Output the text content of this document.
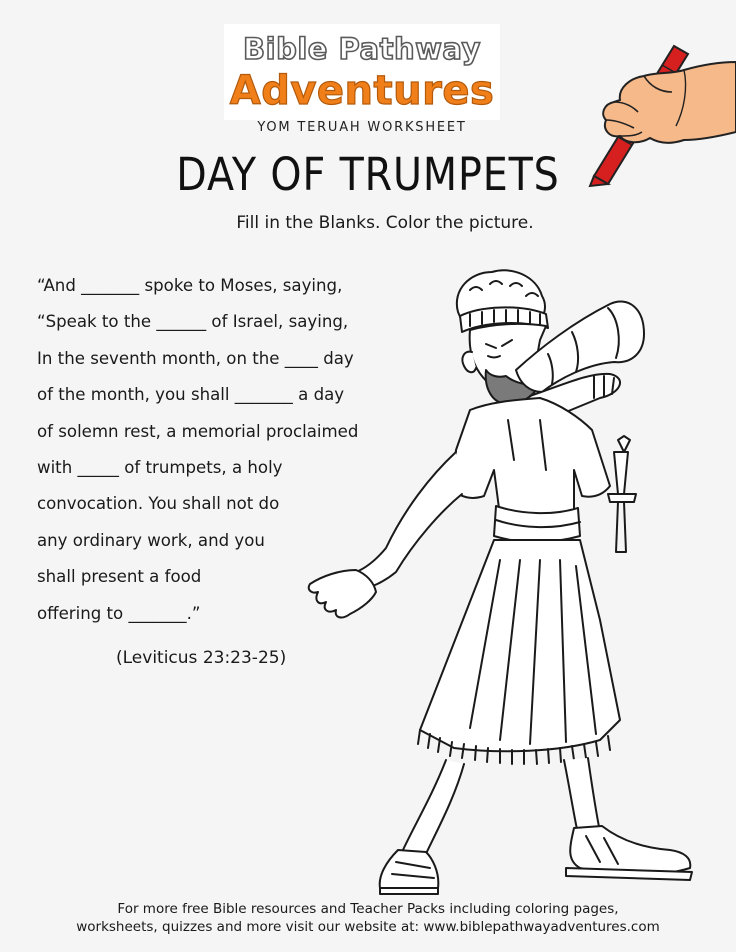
Bible Pathway
Adventures
YOM TERUAH WORKSHEET
DAY OF TRUMPETS
Fill in the Blanks. Color the picture.
“And _______ spoke to Moses, saying,
“Speak to the ______ of Israel, saying,
In the seventh month, on the ____ day
of the month, you shall _______ a day
of solemn rest, a memorial proclaimed
with _____ of trumpets, a holy
convocation. You shall not do
any ordinary work, and you
shall present a food
offering to _______.”
(Leviticus 23:23-25)
For more free Bible resources and Teacher Packs including coloring pages,
worksheets, quizzes and more visit our website at: www.biblepathwayadventures.com
